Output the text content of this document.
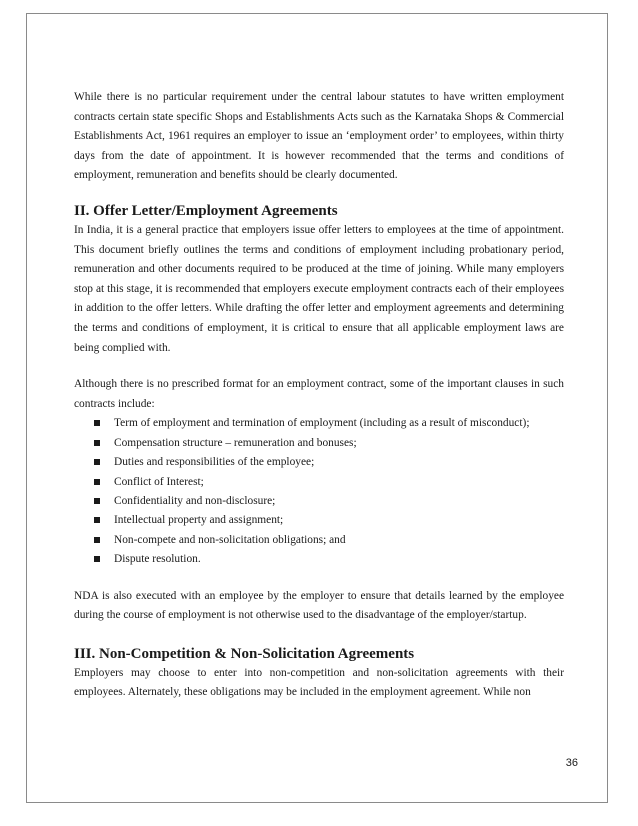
While there is no particular requirement under the central labour statutes to have written employment contracts certain state specific Shops and Establishments Acts such as the Karnataka Shops & Commercial Establishments Act, 1961 requires an employer to issue an ‘employment order’ to employees, within thirty days from the date of appointment. It is however recommended that the terms and conditions of employment, remuneration and benefits should be clearly documented.

II. Offer Letter/Employment Agreements

In India, it is a general practice that employers issue offer letters to employees at the time of appointment. This document briefly outlines the terms and conditions of employment including probationary period, remuneration and other documents required to be produced at the time of joining. While many employers stop at this stage, it is recommended that employers execute employment contracts each of their employees in addition to the offer letters. While drafting the offer letter and employment agreements and determining the terms and conditions of employment, it is critical to ensure that all applicable employment laws are being complied with.

Although there is no prescribed format for an employment contract, some of the important clauses in such contracts include:

Term of employment and termination of employment (including as a result of misconduct);
Compensation structure – remuneration and bonuses;
Duties and responsibilities of the employee;
Conflict of Interest;
Confidentiality and non-disclosure;
Intellectual property and assignment;
Non-compete and non-solicitation obligations; and
Dispute resolution.

NDA is also executed with an employee by the employer to ensure that details learned by the employee during the course of employment is not otherwise used to the disadvantage of the employer/startup.

III. Non-Competition & Non-Solicitation Agreements

Employers may choose to enter into non-competition and non-solicitation agreements with their employees. Alternately, these obligations may be included in the employment agreement. While non

36
